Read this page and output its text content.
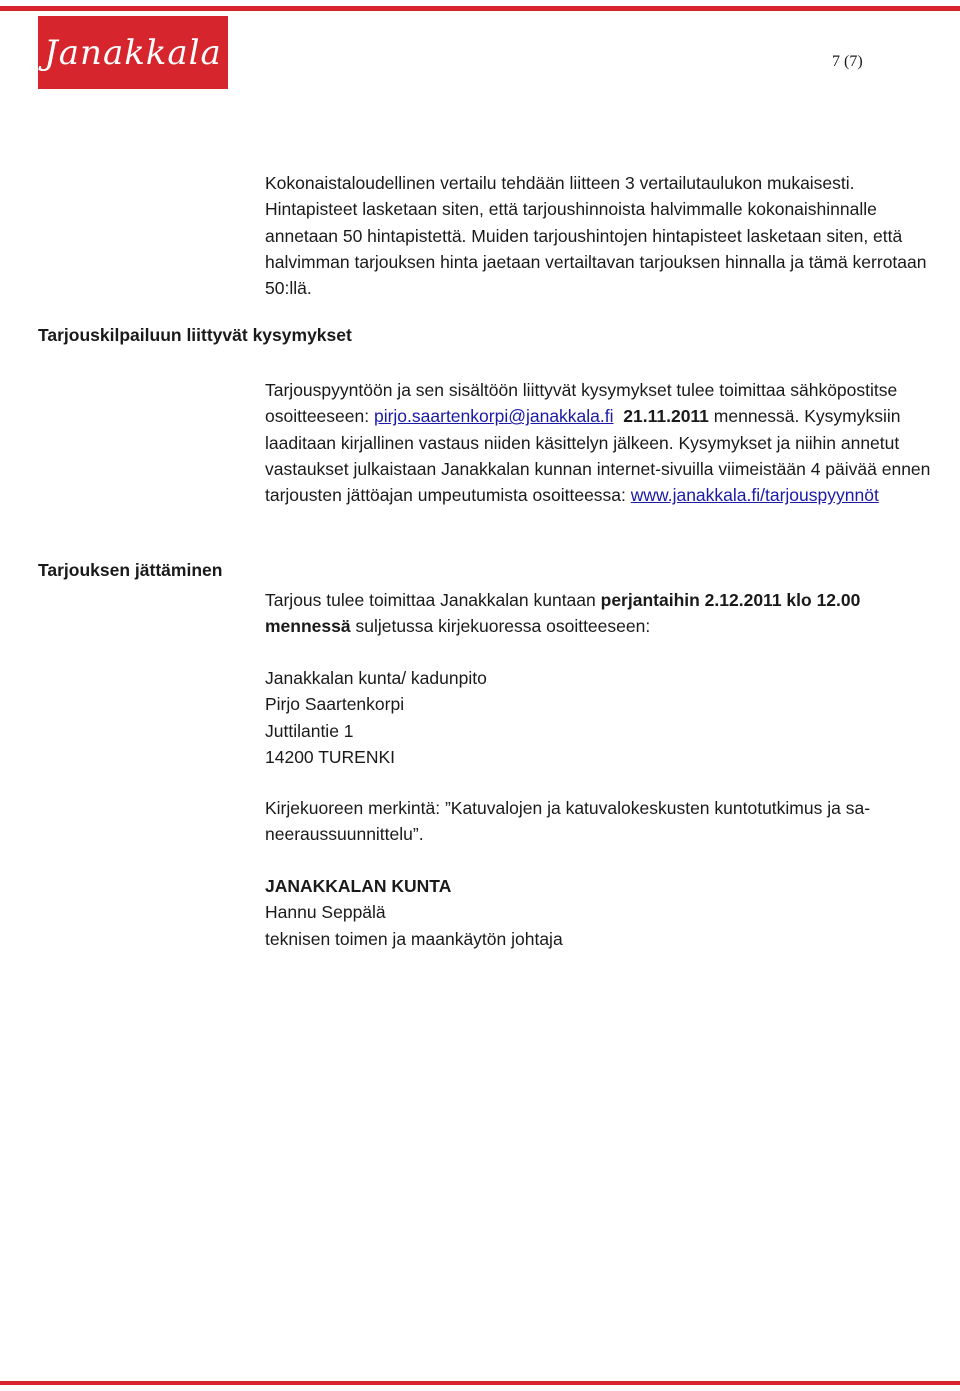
Janakkala	7 (7)

Kokonaistaloudellinen vertailu tehdään liitteen 3 vertailutaulukon mukaisesti. Hintapisteet lasketaan siten, että tarjoushinnoista halvimmalle kokonaishinnalle annetaan 50 hintapistettä. Muiden tarjoushintojen hintapisteet lasketaan siten, että halvimman tarjouksen hinta jaetaan vertailtavan tarjouksen hinnalla ja tämä kerrotaan 50:llä.

Tarjouskilpailuun liittyvät kysymykset

Tarjouspyyntöön ja sen sisältöön liittyvät kysymykset tulee toimittaa sähköpostitse osoitteeseen: pirjo.saartenkorpi@janakkala.fi 21.11.2011 mennessä. Kysymyksiin laaditaan kirjallinen vastaus niiden käsittelyn jälkeen. Kysymykset ja niihin annetut vastaukset julkaistaan Janakkalan kunnan internet-sivuilla viimeistään 4 päivää ennen tarjousten jättöajan umpeutumista osoitteessa: www.janakkala.fi/tarjouspyynnöt

Tarjouksen jättäminen

Tarjous tulee toimittaa Janakkalan kuntaan perjantaihin 2.12.2011 klo 12.00 mennessä suljetussa kirjekuoressa osoitteeseen:

Janakkalan kunta/ kadunpito

Pirjo Saartenkorpi

Juttilantie 1

14200 TURENKI

Kirjekuoreen merkintä: ”Katuvalojen ja katuvalokeskusten kuntotutkimus ja sa-neeraussuunnittelu”.

JANAKKALAN KUNTA

Hannu Seppälä

teknisen toimen ja maankäytön johtaja
